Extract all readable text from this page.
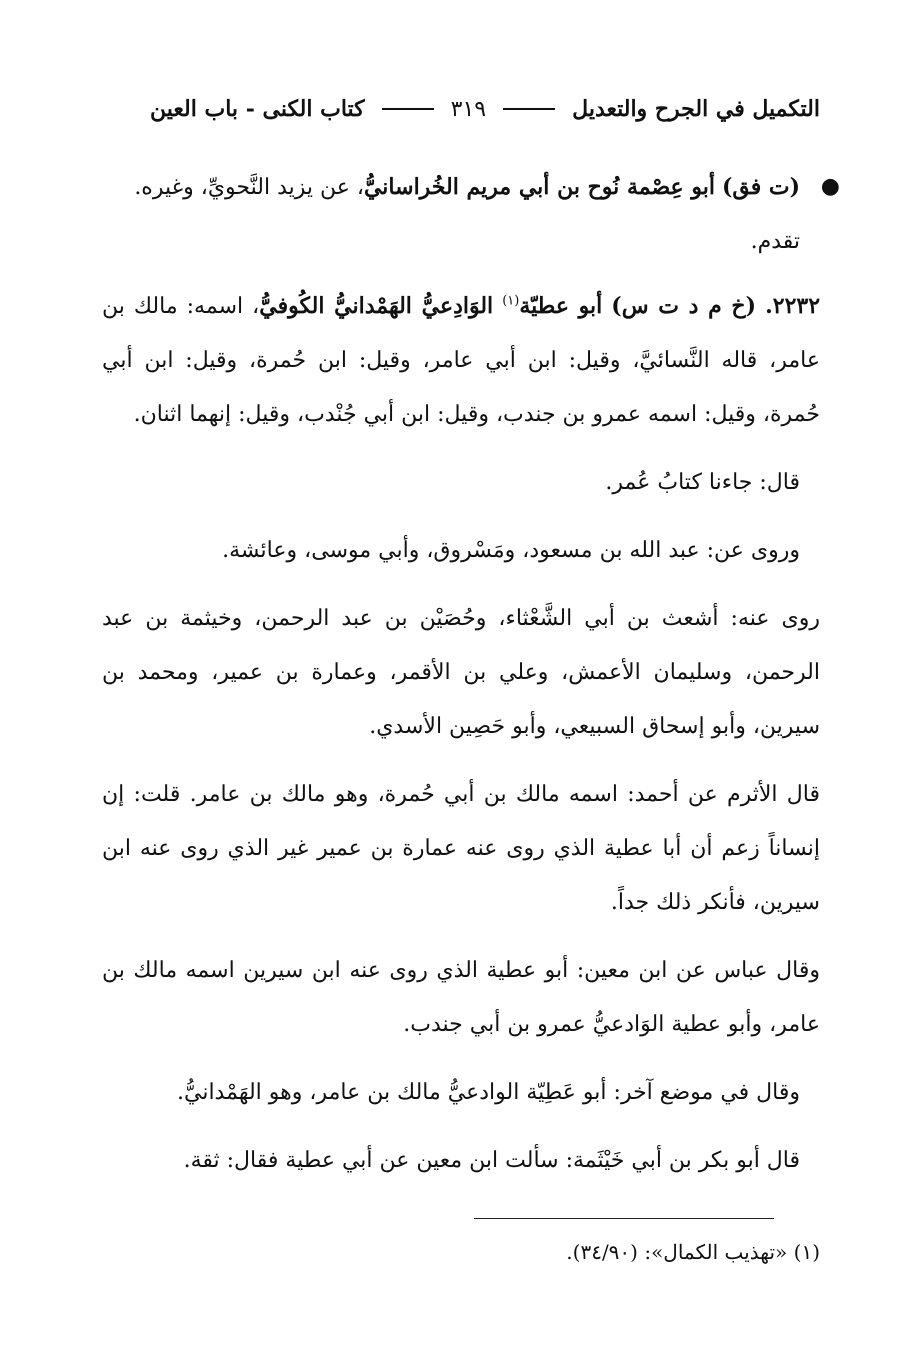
التكميل في الجرح والتعديل
٣١٩
كتاب الكنى - باب العين
●
(ت فق) أبو عِصْمة نُوح بن أبي مريم الخُراسانيُّ، عن يزيد النَّحويِّ، وغيره.
تقدم.
٢٢٣٢. (خ م د ت س) أبو عطيّة$^{(١)}$ الوَادِعيُّ الهَمْدانيُّ الكُوفيُّ، اسمه: مالك بن عامر، قاله النَّسائيَّ، وقيل: ابن أبي عامر، وقيل: ابن حُمرة، وقيل: ابن أبي حُمرة، وقيل: اسمه عمرو بن جندب، وقيل: ابن أبي جُنْدب، وقيل: إنهما اثنان.

قال: جاءنا كتابُ عُمر.

وروى عن: عبد الله بن مسعود، ومَسْروق، وأبي موسى، وعائشة.

روى عنه: أشعث بن أبي الشَّعْثاء، وحُصَيْن بن عبد الرحمن، وخيثمة بن عبد الرحمن، وسليمان الأعمش، وعلي بن الأقمر، وعمارة بن عمير، ومحمد بن سيرين، وأبو إسحاق السبيعي، وأبو حَصِين الأسدي.

قال الأثرم عن أحمد: اسمه مالك بن أبي حُمرة، وهو مالك بن عامر. قلت: إن إنساناً زعم أن أبا عطية الذي روى عنه عمارة بن عمير غير الذي روى عنه ابن سيرين، فأنكر ذلك جداً.

وقال عباس عن ابن معين: أبو عطية الذي روى عنه ابن سيرين اسمه مالك بن عامر، وأبو عطية الوَادعيُّ عمرو بن أبي جندب.

وقال في موضع آخر: أبو عَطِيّة الوادعيُّ مالك بن عامر، وهو الهَمْدانيُّ.

قال أبو بكر بن أبي خَيْثَمة: سألت ابن معين عن أبي عطية فقال: ثقة.

(١) «تهذيب الكمال»: (٣٤/٩٠).
